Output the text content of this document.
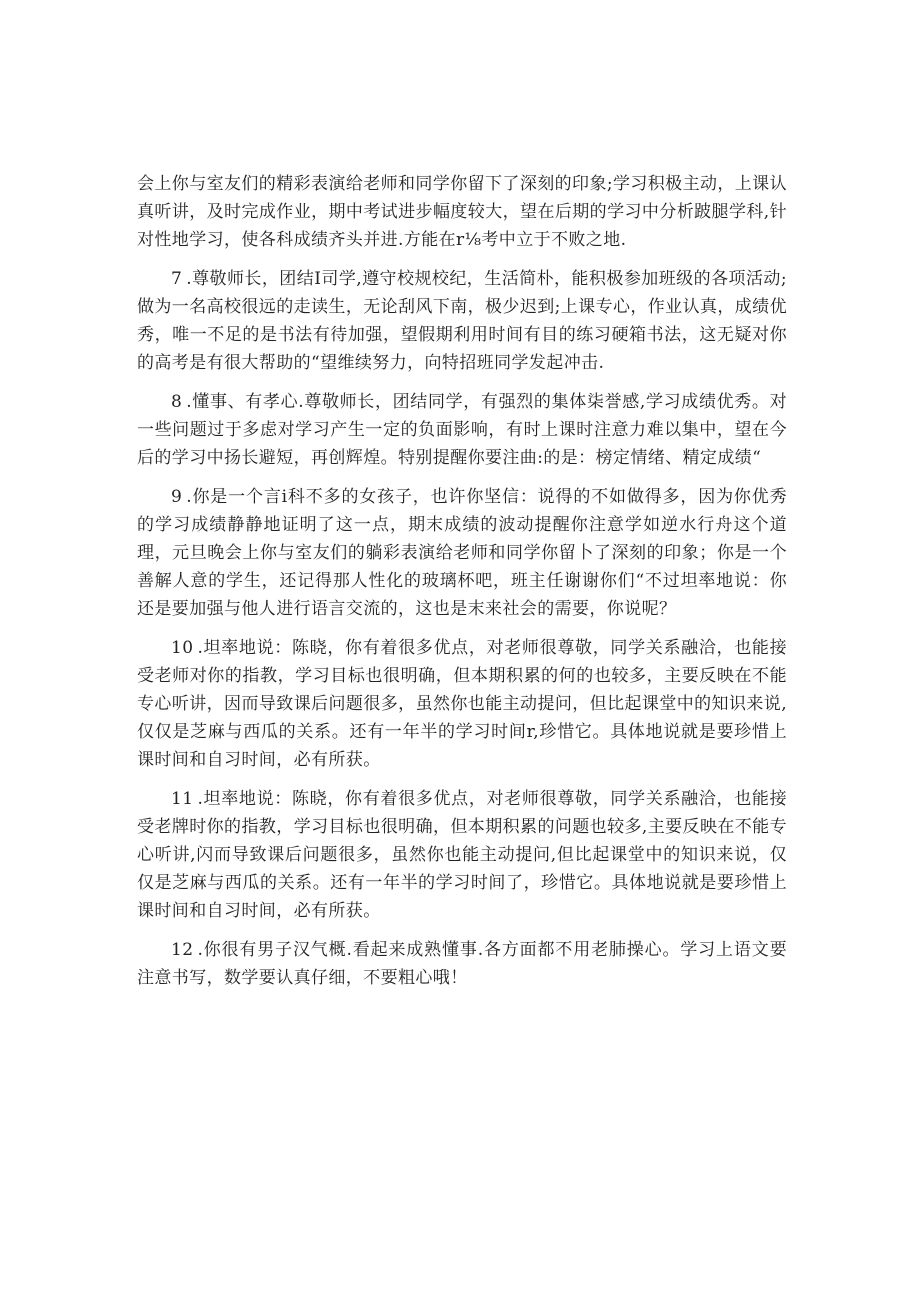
会上你与室友们的精彩表演给老师和同学你留下了深刻的印象;学习积极主动，上课认真听讲，及时完成作业，期中考试进步幅度较大，望在后期的学习中分析跛腿学科,针对性地学习，使各科成绩齐头并进.方能在r⅛考中立于不败之地.

7 .尊敬师长，团结I司学,遵守校规校纪，生活简朴，能积极参加班级的各项活动;做为一名高校很远的走读生，无论刮风下南，极少迟到;上课专心，作业认真，成绩优秀，唯一不足的是书法有待加强，望假期利用时间有目的练习硬箱书法，这无疑对你的高考是有很大帮助的“望维续努力，向特招班同学发起冲击.

8 .懂事、有孝心.尊敬师长，团结同学，有强烈的集体柒誉感,学习成绩优秀。对一些问题过于多虑对学习产生一定的负面影响，有时上课时注意力难以集中，望在今后的学习中扬长避短，再创辉煌。特别提醒你要注曲:的是：榜定情绪、精定成绩“

9 .你是一个言i科不多的女孩子，也许你坚信：说得的不如做得多，因为你优秀的学习成绩静静地证明了这一点，期末成绩的波动提醒你注意学如逆水行舟这个道理，元旦晚会上你与室友们的躺彩表演给老师和同学你留卜了深刻的印象；你是一个善解人意的学生，还记得那人性化的玻璃杯吧，班主任谢谢你们“不过坦率地说：你还是要加强与他人进行语言交流的，这也是末来社会的需要，你说呢？

10 .坦率地说：陈晓，你有着很多优点，对老师很尊敬，同学关系融洽，也能接受老师对你的指教，学习目标也很明确，但本期积累的何的也较多，主要反映在不能专心听讲，因而导致课后问题很多，虽然你也能主动提问，但比起课堂中的知识来说,仅仅是芝麻与西瓜的关系。还有一年半的学习时间r,珍惜它。具体地说就是要珍惜上课时间和自习时间，必有所获。

11 .坦率地说：陈晓，你有着很多优点，对老师很尊敬，同学关系融洽，也能接受老牌时你的指教，学习目标也很明确，但本期积累的问题也较多,主要反映在不能专心听讲,闪而导致课后问题很多，虽然你也能主动提问,但比起课堂中的知识来说，仅仅是芝麻与西瓜的关系。还有一年半的学习时间了，珍惜它。具体地说就是要珍惜上课时间和自习时间，必有所获。

12 .你很有男子汉气概.看起来成熟懂事.各方面都不用老肺操心。学习上语文要注意书写，数学要认真仔细，不要粗心哦！
